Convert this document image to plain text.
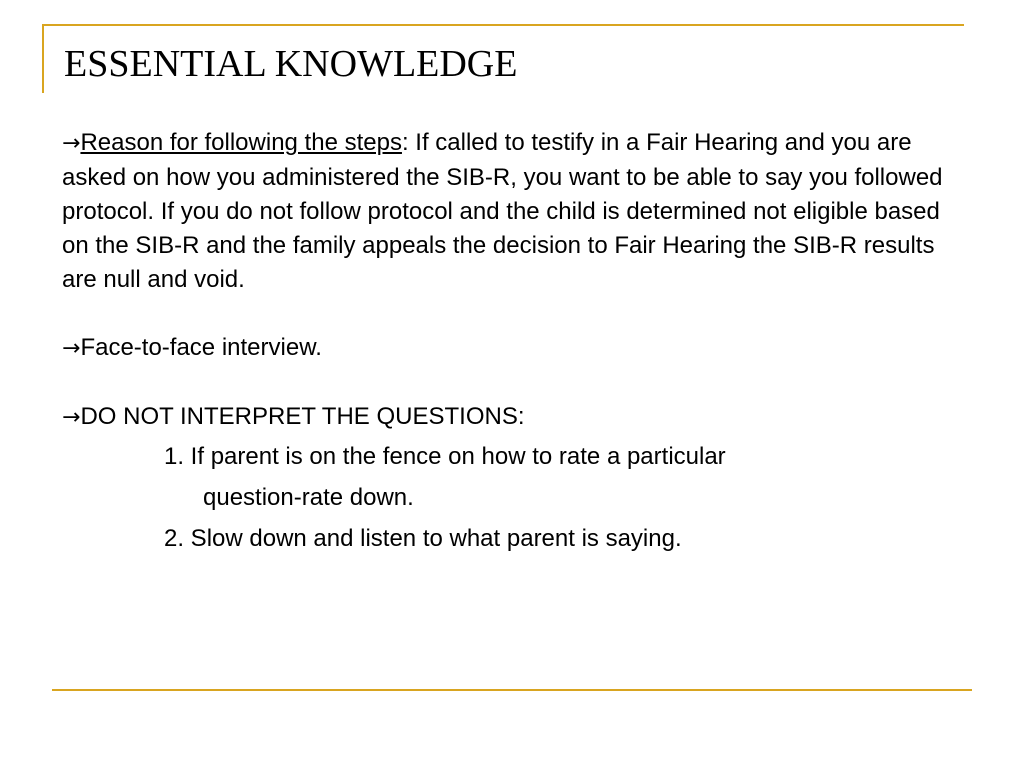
ESSENTIAL KNOWLEDGE

→Reason for following the steps: If called to testify in a Fair Hearing and you are asked on how you administered the SIB-R, you want to be able to say you followed protocol. If you do not follow protocol and the child is determined not eligible based on the SIB-R and the family appeals the decision to Fair Hearing the SIB-R results are null and void.

→Face-to-face interview.

→DO NOT INTERPRET THE QUESTIONS:

1. If parent is on the fence on how to rate a particular

question-rate down.

2. Slow down and listen to what parent is saying.
